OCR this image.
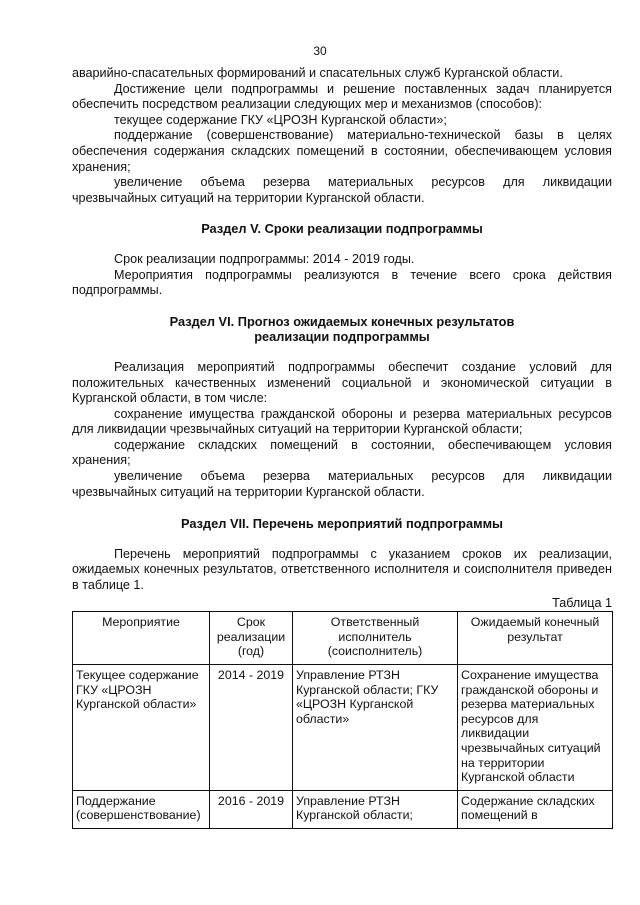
30

аварийно-спасательных формирований и спасательных служб Курганской области.

Достижение цели подпрограммы и решение поставленных задач планируется обеспечить посредством реализации следующих мер и механизмов (способов):

текущее содержание ГКУ «ЦРОЗН Курганской области»;

поддержание (совершенствование) материально-технической базы в целях обеспечения содержания складских помещений в состоянии, обеспечивающем условия хранения;

увеличение объема резерва материальных ресурсов для ликвидации чрезвычайных ситуаций на территории Курганской области.

Раздел V. Сроки реализации подпрограммы

Срок реализации подпрограммы: 2014 - 2019 годы.

Мероприятия подпрограммы реализуются в течение всего срока действия подпрограммы.

Раздел VI. Прогноз ожидаемых конечных результатов
реализации подпрограммы

Реализация мероприятий подпрограммы обеспечит создание условий для положительных качественных изменений социальной и экономической ситуации в Курганской области, в том числе:

сохранение имущества гражданской обороны и резерва материальных ресурсов для ликвидации чрезвычайных ситуаций на территории Курганской области;

содержание складских помещений в состоянии, обеспечивающем условия хранения;

увеличение объема резерва материальных ресурсов для ликвидации чрезвычайных ситуаций на территории Курганской области.

Раздел VII. Перечень мероприятий подпрограммы

Перечень мероприятий подпрограммы с указанием сроков их реализации, ожидаемых конечных результатов, ответственного исполнителя и соисполнителя приведен в таблице 1.

Таблица 1

Мероприятие	Срок реализации (год)	Ответственный исполнитель (соисполнитель)	Ожидаемый конечный результат
Текущее содержание ГКУ «ЦРОЗН Курганской области»	2014 - 2019	Управление РТЗН Курганской области; ГКУ «ЦРОЗН Курганской области»	Сохранение имущества гражданской обороны и резерва материальных ресурсов для ликвидации чрезвычайных ситуаций на территории Курганской области
Поддержание (совершенствование)	2016 - 2019	Управление РТЗН Курганской области;	Содержание складских помещений в
